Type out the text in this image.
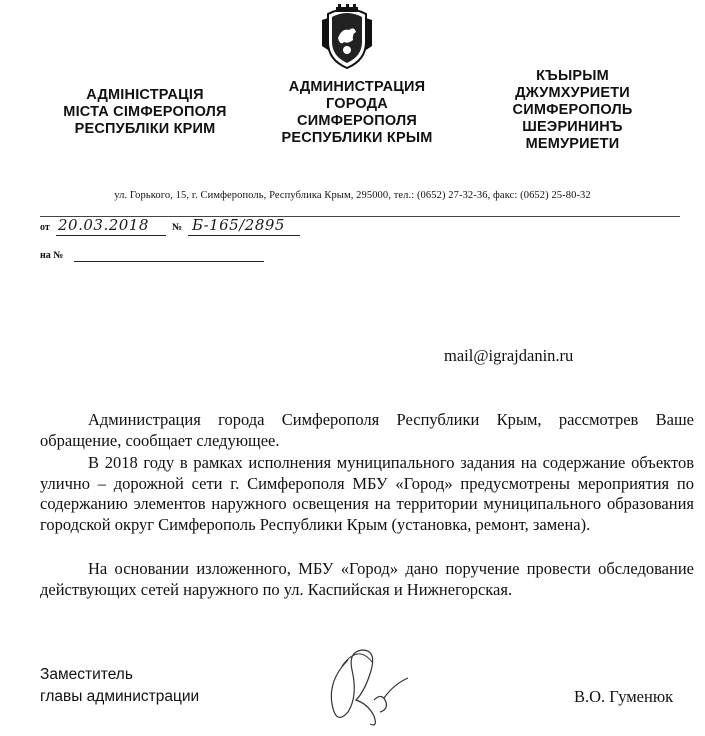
АДМІНІСТРАЦІЯ
МІСТА СІМФЕРОПОЛЯ
РЕСПУБЛІКИ КРИМ
АДМИНИСТРАЦИЯ
ГОРОДА
СИМФЕРОПОЛЯ
РЕСПУБЛИКИ КРЫМ
КЪЫРЫМ
ДЖУМХУРИЕТИ
СИМФЕРОПОЛЬ
ШЕЭРИНИНЪ
МЕМУРИЕТИ
ул. Горького, 15, г. Симферополь, Республика Крым, 295000, тел.: (0652) 27-32-36, факс: (0652) 25-80-32
от 20.03.2018 № Б-165/2895
на №
mail@igrajdanin.ru
Администрация города Симферополя Республики Крым, рассмотрев Ваше обращение, сообщает следующее.
В 2018 году в рамках исполнения муниципального задания на содержание объектов улично – дорожной сети г. Симферополя МБУ «Город» предусмотрены мероприятия по содержанию элементов наружного освещения на территории муниципального образования городской округ Симферополь Республики Крым (установка, ремонт, замена).
На основании изложенного, МБУ «Город» дано поручение провести обследование действующих сетей наружного по ул. Каспийская и Нижнегорская.
Заместитель
главы администрации	В.О. Гуменюк
